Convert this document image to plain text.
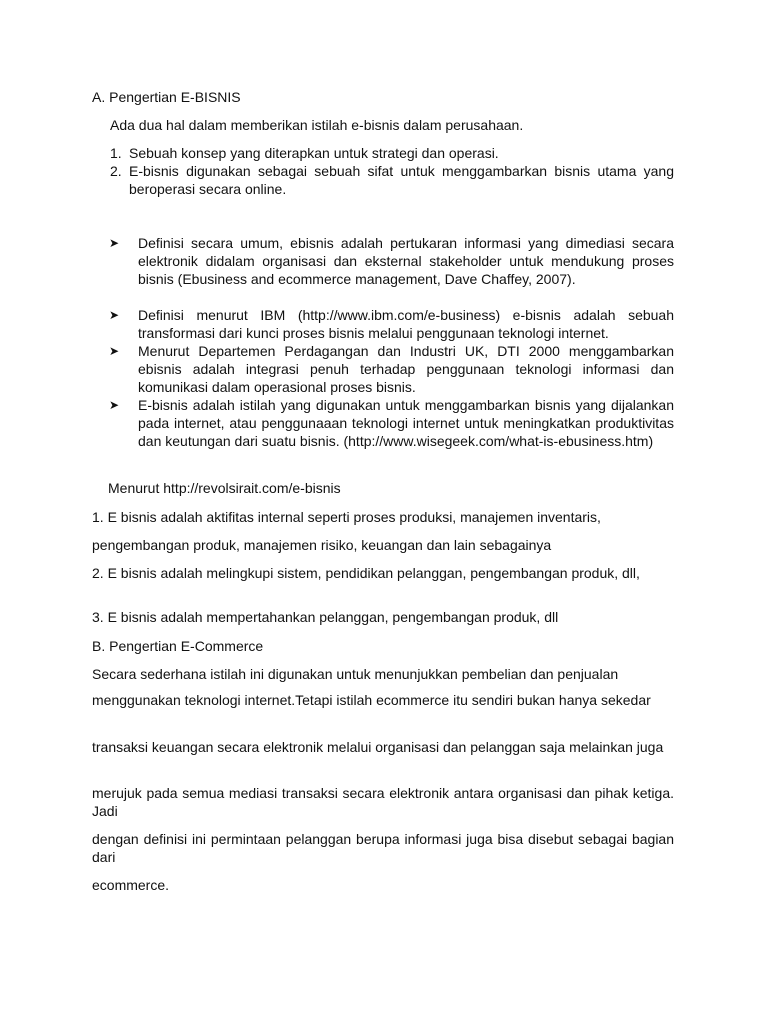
A. Pengertian E-BISNIS
Ada dua hal dalam memberikan istilah e-bisnis dalam perusahaan.
1. Sebuah konsep yang diterapkan untuk strategi dan operasi.
2. E-bisnis digunakan sebagai sebuah sifat untuk menggambarkan bisnis utama yang beroperasi secara online.
➤ Definisi secara umum, ebisnis adalah pertukaran informasi yang dimediasi secara elektronik didalam organisasi dan eksternal stakeholder untuk mendukung proses bisnis (Ebusiness and ecommerce management, Dave Chaffey, 2007).
➤ Definisi menurut IBM (http://www.ibm.com/e-business) e-bisnis adalah sebuah transformasi dari kunci proses bisnis melalui penggunaan teknologi internet.
➤ Menurut Departemen Perdagangan dan Industri UK, DTI 2000 menggambarkan ebisnis adalah integrasi penuh terhadap penggunaan teknologi informasi dan komunikasi dalam operasional proses bisnis.
➤ E-bisnis adalah istilah yang digunakan untuk menggambarkan bisnis yang dijalankan pada internet, atau penggunaaan teknologi internet untuk meningkatkan produktivitas dan keutungan dari suatu bisnis. (http://www.wisegeek.com/what-is-ebusiness.htm)
Menurut http://revolsirait.com/e-bisnis
1. E bisnis adalah aktifitas internal seperti proses produksi, manajemen inventaris,
pengembangan produk, manajemen risiko, keuangan dan lain sebagainya
2. E bisnis adalah melingkupi sistem, pendidikan pelanggan, pengembangan produk, dll,
3. E bisnis adalah mempertahankan pelanggan, pengembangan produk, dll
B. Pengertian E-Commerce
Secara sederhana istilah ini digunakan untuk menunjukkan pembelian dan penjualan
menggunakan teknologi internet.Tetapi istilah ecommerce itu sendiri bukan hanya sekedar
transaksi keuangan secara elektronik melalui organisasi dan pelanggan saja melainkan juga
merujuk pada semua mediasi transaksi secara elektronik antara organisasi dan pihak ketiga. Jadi
dengan definisi ini permintaan pelanggan berupa informasi juga bisa disebut sebagai bagian dari
ecommerce.
